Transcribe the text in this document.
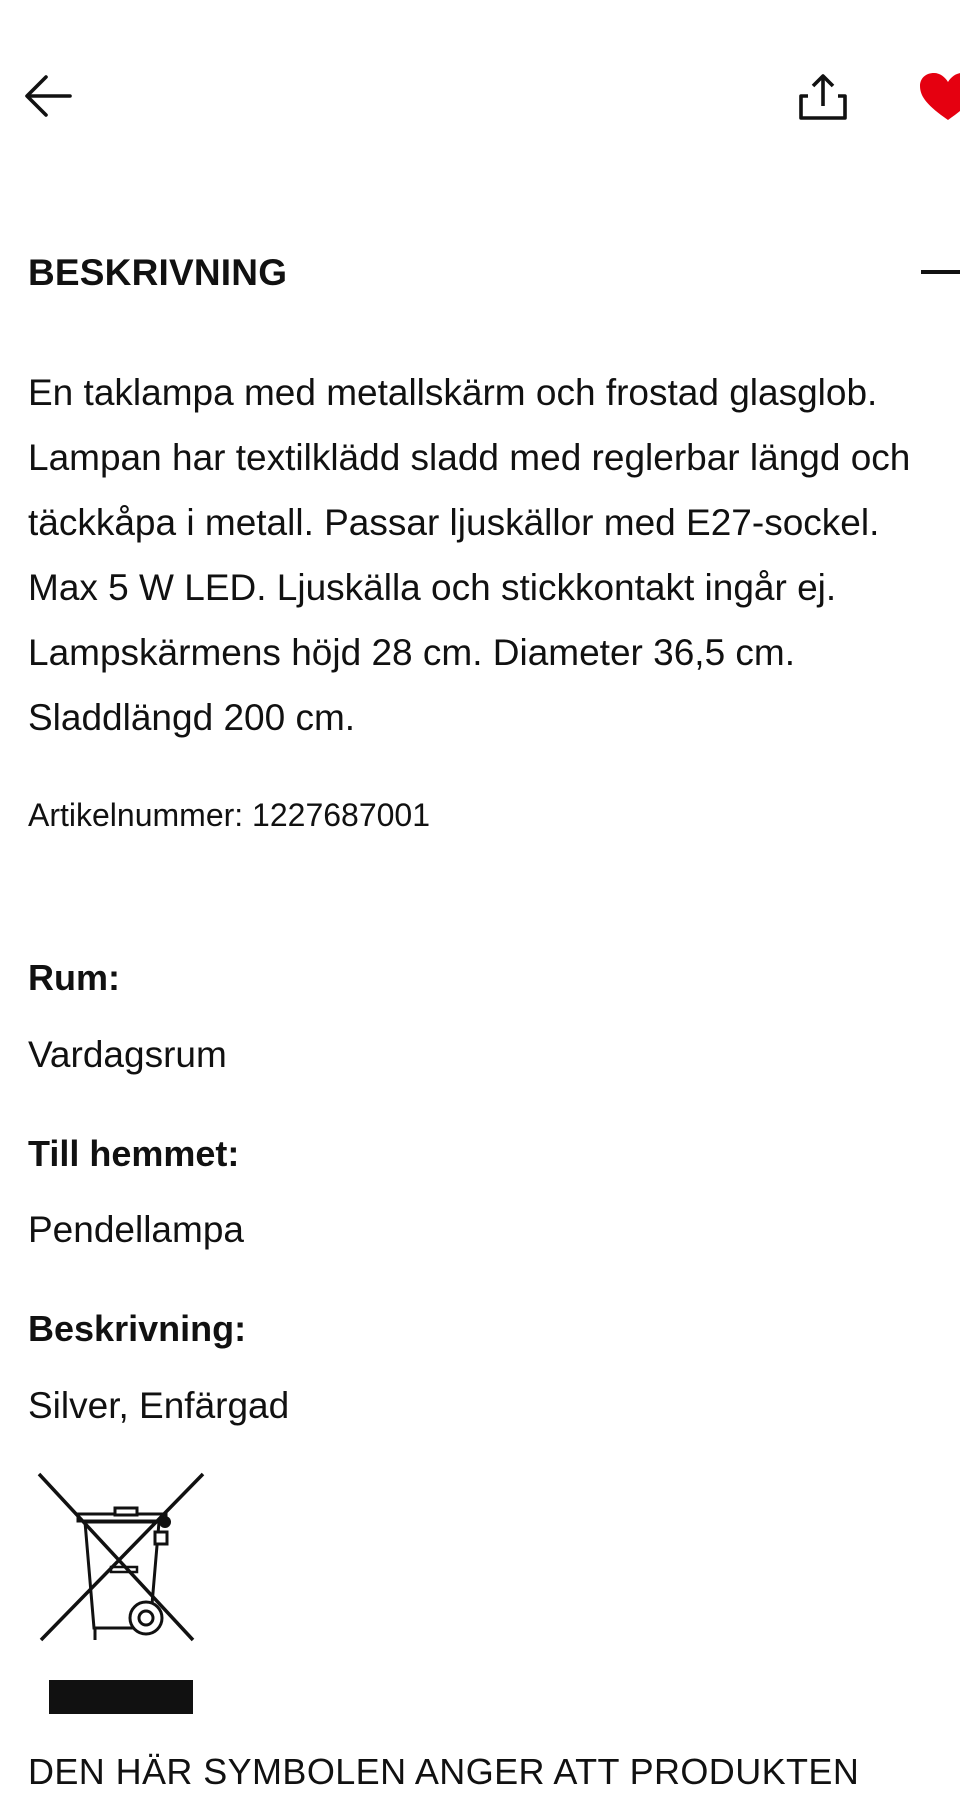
BESKRIVNING

En taklampa med metallskärm och frostad glasglob. Lampan har textilklädd sladd med reglerbar längd och täckkåpa i metall. Passar ljuskällor med E27-sockel. Max 5 W LED. Ljuskälla och stickkontakt ingår ej. Lampskärmens höjd 28 cm. Diameter 36,5 cm. Sladdlängd 200 cm.

Artikelnummer: 1227687001
Rum:
Vardagsrum
Till hemmet:
Pendellampa
Beskrivning:
Silver, Enfärgad
DEN HÄR SYMBOLEN ANGER ATT PRODUKTEN
